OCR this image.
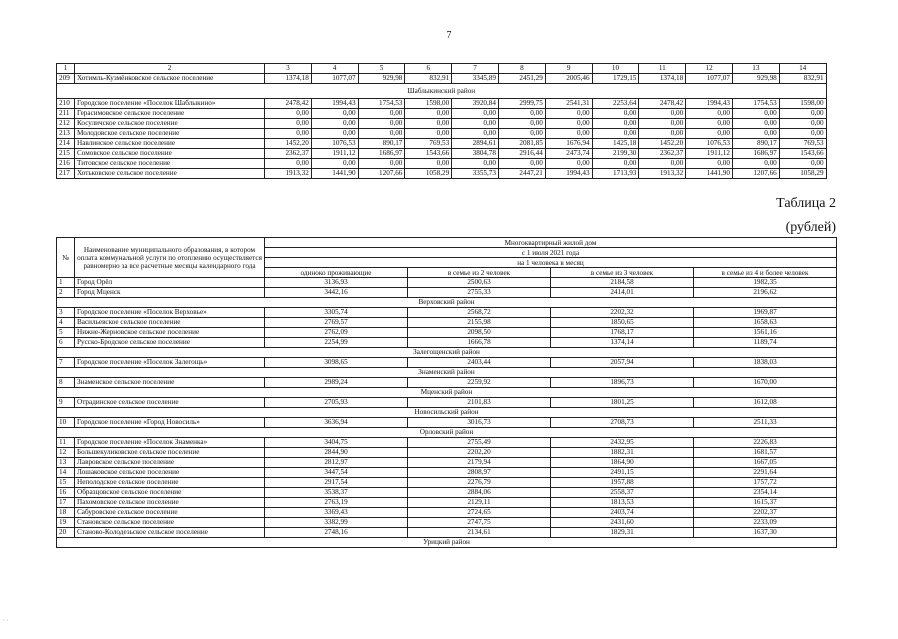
7
1	2	3	4	5	6	7	8	9	10	11	12	13	14
209	Хотимль-Кузмёнковское сельское поселение	1374,18	1077,07	929,98	832,91	3345,89	2451,29	2005,46	1729,15	1374,18	1077,07	929,98	832,91
Шаблыкинский район													
210	Городское поселение «Поселок Шаблыкино»	2478,42	1994,43	1754,53	1598,00	3920,84	2999,75	2541,31	2253,64	2478,42	1994,43	1754,53	1598,00
211	Герасимовское сельское поселение	0,00	0,00	0,00	0,00	0,00	0,00	0,00	0,00	0,00	0,00	0,00	0,00
212	Косуличское сельское поселение	0,00	0,00	0,00	0,00	0,00	0,00	0,00	0,00	0,00	0,00	0,00	0,00
213	Молодовское сельское поселение	0,00	0,00	0,00	0,00	0,00	0,00	0,00	0,00	0,00	0,00	0,00	0,00
214	Навлинское сельское поселение	1452,20	1076,53	890,17	769,53	2894,61	2081,85	1676,94	1425,18	1452,20	1076,53	890,17	769,53
215	Сомовское сельское поселение	2362,37	1911,12	1686,97	1543,66	3804,78	2916,44	2473,74	2199,30	2362,37	1911,12	1686,97	1543,66
216	Титовское сельское поселение	0,00	0,00	0,00	0,00	0,00	0,00	0,00	0,00	0,00	0,00	0,00	0,00
217	Хотьковское сельское поселение	1913,32	1441,90	1207,66	1058,29	3355,73	2447,21	1994,43	1713,93	1913,32	1441,90	1207,66	1058,29
Таблица 2
(рублей)
№	Наименование муниципального образования, в котором оплата коммунальной услуги по отоплению осуществляется равномерно за все расчетные месяцы календарного года	Многоквартирный жилой дом			
		с 1 июля 2021 года			
		на 1 человека в месяц			
		одиноко проживающие	в семье из 2 человек	в семье из 3 человек	в семье из 4 и более человек
1	Город Орёл	3136,93	2500,63	2184,58	1982,35
2	Город Мценск	3442,16	2755,33	2414,01	2196,62
Верховский район					
3	Городское поселение «Поселок Верховье»	3305,74	2568,72	2202,32	1969,87
4	Васильевское сельское поселение	2769,57	2155,98	1850,65	1658,63
5	Нижне-Жерновское сельское поселение	2762,09	2098,50	1768,17	1561,16
6	Русско-Бродское сельское поселение	2254,99	1666,78	1374,14	1189,74
Залегощенский район					
7	Городское поселение «Поселок Залегощь»	3098,65	2403,44	2057,94	1838,03
Знаменский район					
8	Знаменское сельское поселение	2989,24	2259,92	1896,73	1670,00
Мценский район					
9	Отрадинское сельское поселение	2705,93	2101,83	1801,25	1612,08
Новосильский район					
10	Городское поселение «Город Новосиль»	3636,94	3016,73	2708,73	2511,33
Орловский район					
11	Городское поселение «Поселок Знаменка»	3404,75	2755,49	2432,95	2226,83
12	Большекуликовское сельское поселение	2844,90	2202,20	1882,31	1681,57
13	Лавровское сельское поселение	2812,97	2179,94	1864,90	1667,05
14	Лошаковское сельское поселение	3447,54	2808,97	2491,15	2291,64
15	Неполодское сельское поселение	2917,54	2276,79	1957,88	1757,72
16	Образцовское сельское поселение	3538,37	2884,06	2558,37	2354,14
17	Пахомовское сельское поселение	2763,19	2129,11	1813,53	1615,37
18	Сабуровское сельское поселение	3369,43	2724,65	2403,74	2202,37
19	Становское сельское поселение	3382,99	2747,75	2431,60	2233,09
20	Станово-Колодезьское сельское поселение	2748,16	2134,61	1829,31	1637,30
Урицкий район					
· ·
